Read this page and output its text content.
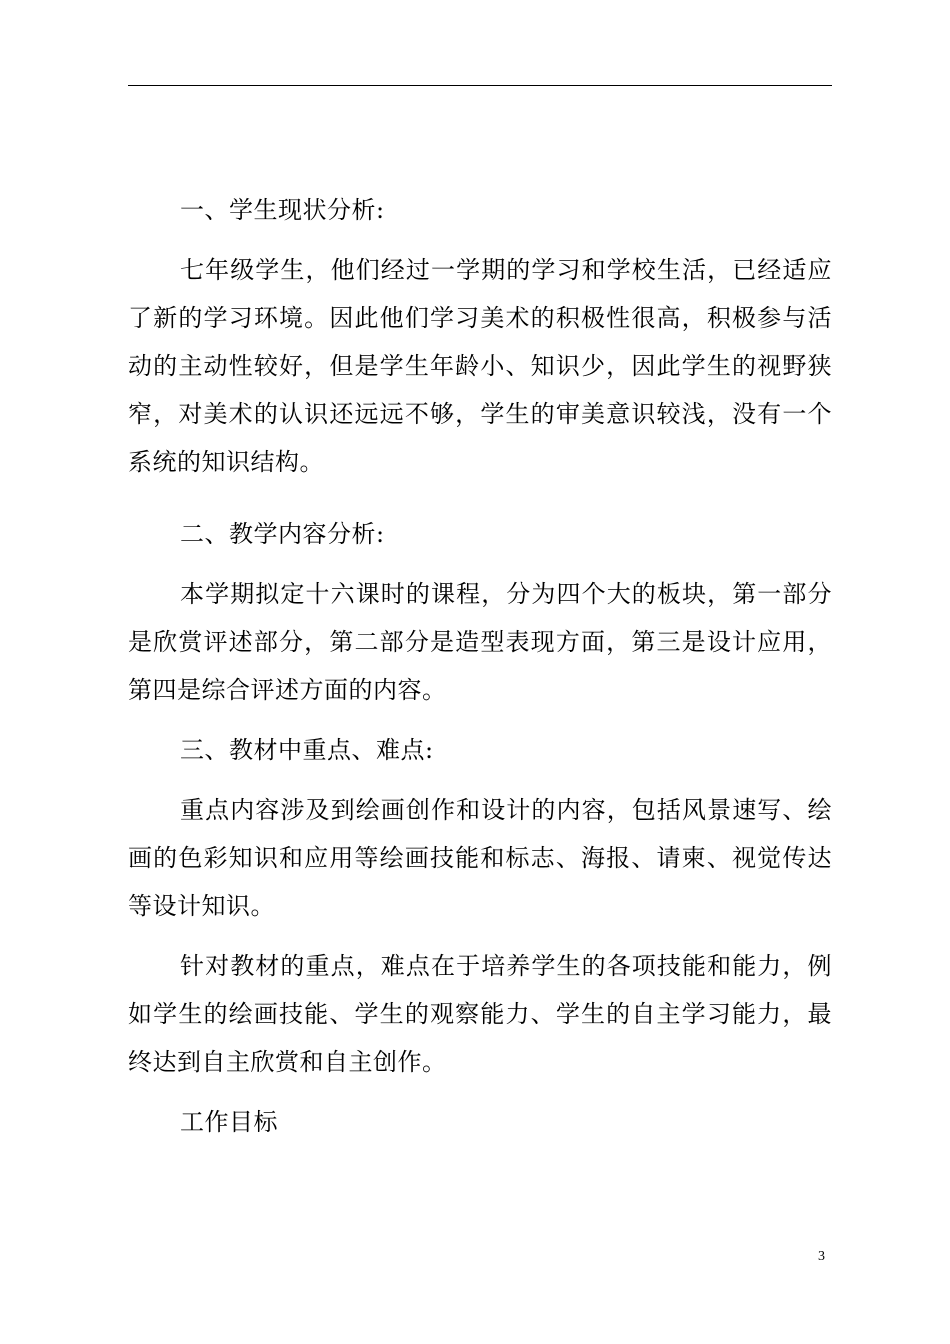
一、学生现状分析:

七年级学生，他们经过一学期的学习和学校生活，已经适应了新的学习环境。因此他们学习美术的积极性很高，积极参与活动的主动性较好，但是学生年龄小、知识少，因此学生的视野狭窄，对美术的认识还远远不够，学生的审美意识较浅，没有一个系统的知识结构。

二、教学内容分析:

本学期拟定十六课时的课程，分为四个大的板块，第一部分是欣赏评述部分，第二部分是造型表现方面，第三是设计应用，第四是综合评述方面的内容。

三、教材中重点、难点:

重点内容涉及到绘画创作和设计的内容，包括风景速写、绘画的色彩知识和应用等绘画技能和标志、海报、请柬、视觉传达等设计知识。

针对教材的重点，难点在于培养学生的各项技能和能力，例如学生的绘画技能、学生的观察能力、学生的自主学习能力，最终达到自主欣赏和自主创作。

工作目标

3
